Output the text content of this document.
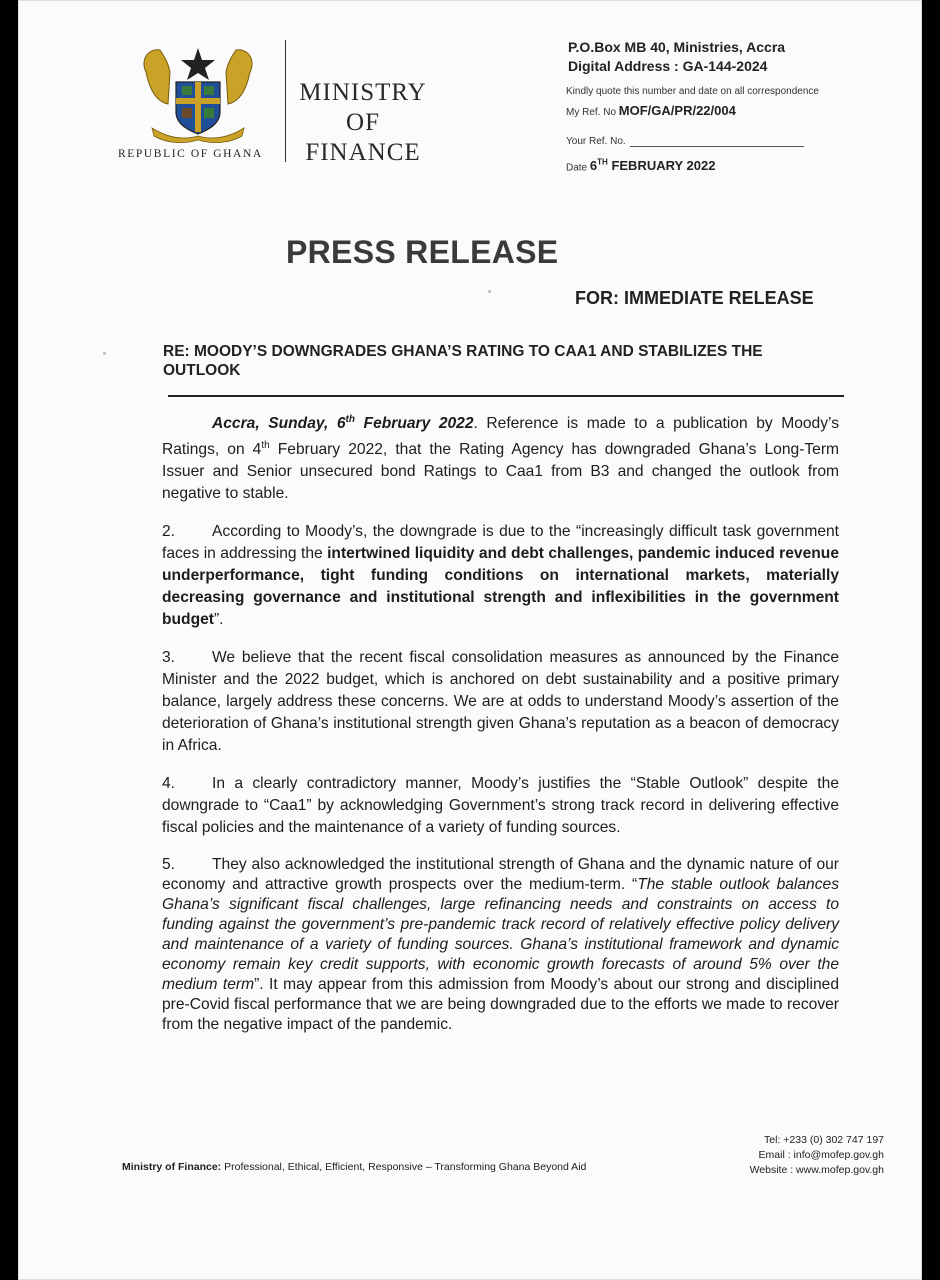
REPUBLIC OF GHANA
MINISTRY
OF
FINANCE
P.O.Box MB 40, Ministries, Accra
Digital Address : GA-144-2024
Kindly quote this number and date on all correspondence
My Ref. No MOF/GA/PR/22/004
Your Ref. No.
Date 6TH FEBRUARY 2022
PRESS RELEASE
FOR: IMMEDIATE RELEASE
RE: MOODY’S DOWNGRADES GHANA’S RATING TO CAA1 AND STABILIZES THE OUTLOOK

Accra, Sunday, 6th February 2022. Reference is made to a publication by Moody’s Ratings, on 4th February 2022, that the Rating Agency has downgraded Ghana’s Long-Term Issuer and Senior unsecured bond Ratings to Caa1 from B3 and changed the outlook from negative to stable.

2. According to Moody’s, the downgrade is due to the “increasingly difficult task government faces in addressing the intertwined liquidity and debt challenges, pandemic induced revenue underperformance, tight funding conditions on international markets, materially decreasing governance and institutional strength and inflexibilities in the government budget”.

3. We believe that the recent fiscal consolidation measures as announced by the Finance Minister and the 2022 budget, which is anchored on debt sustainability and a positive primary balance, largely address these concerns. We are at odds to understand Moody’s assertion of the deterioration of Ghana’s institutional strength given Ghana’s reputation as a beacon of democracy in Africa.

4. In a clearly contradictory manner, Moody’s justifies the “Stable Outlook” despite the downgrade to “Caa1” by acknowledging Government’s strong track record in delivering effective fiscal policies and the maintenance of a variety of funding sources.

5. They also acknowledged the institutional strength of Ghana and the dynamic nature of our economy and attractive growth prospects over the medium-term. “The stable outlook balances Ghana’s significant fiscal challenges, large refinancing needs and constraints on access to funding against the government’s pre-pandemic track record of relatively effective policy delivery and maintenance of a variety of funding sources. Ghana’s institutional framework and dynamic economy remain key credit supports, with economic growth forecasts of around 5% over the medium term”. It may appear from this admission from Moody’s about our strong and disciplined pre-Covid fiscal performance that we are being downgraded due to the efforts we made to recover from the negative impact of the pandemic.

Ministry of Finance: Professional, Ethical, Efficient, Responsive – Transforming Ghana Beyond Aid
Tel: +233 (0) 302 747 197
Email : info@mofep.gov.gh
Website : www.mofep.gov.gh
